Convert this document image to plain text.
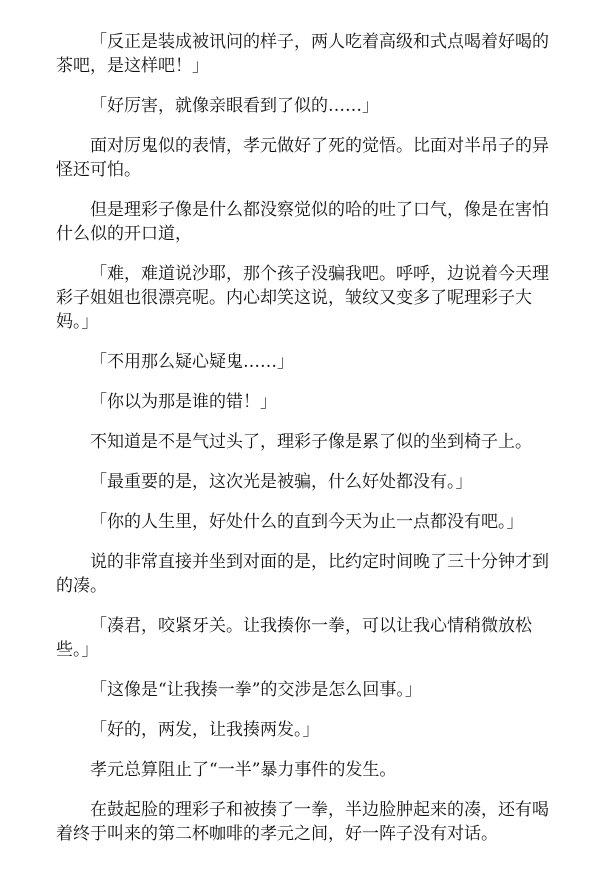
「反正是装成被讯问的样子，两人吃着高级和式点喝着好喝的茶吧，是这样吧！」

「好厉害，就像亲眼看到了似的……」

面对厉鬼似的表情，孝元做好了死的觉悟。比面对半吊子的异怪还可怕。

但是理彩子像是什么都没察觉似的哈的吐了口气，像是在害怕什么似的开口道，

「难，难道说沙耶，那个孩子没骗我吧。呼呼，边说着今天理彩子姐姐也很漂亮呢。内心却笑这说，皱纹又变多了呢理彩子大妈。」

「不用那么疑心疑鬼……」

「你以为那是谁的错！」

不知道是不是气过头了，理彩子像是累了似的坐到椅子上。

「最重要的是，这次光是被骗，什么好处都没有。」

「你的人生里，好处什么的直到今天为止一点都没有吧。」

说的非常直接并坐到对面的是，比约定时间晚了三十分钟才到的凑。

「凑君，咬紧牙关。让我揍你一拳，可以让我心情稍微放松些。」

「这像是“让我揍一拳”的交涉是怎么回事。」

「好的，两发，让我揍两发。」

孝元总算阻止了“一半”暴力事件的发生。

在鼓起脸的理彩子和被揍了一拳，半边脸肿起来的凑，还有喝着终于叫来的第二杯咖啡的孝元之间，好一阵子没有对话。
